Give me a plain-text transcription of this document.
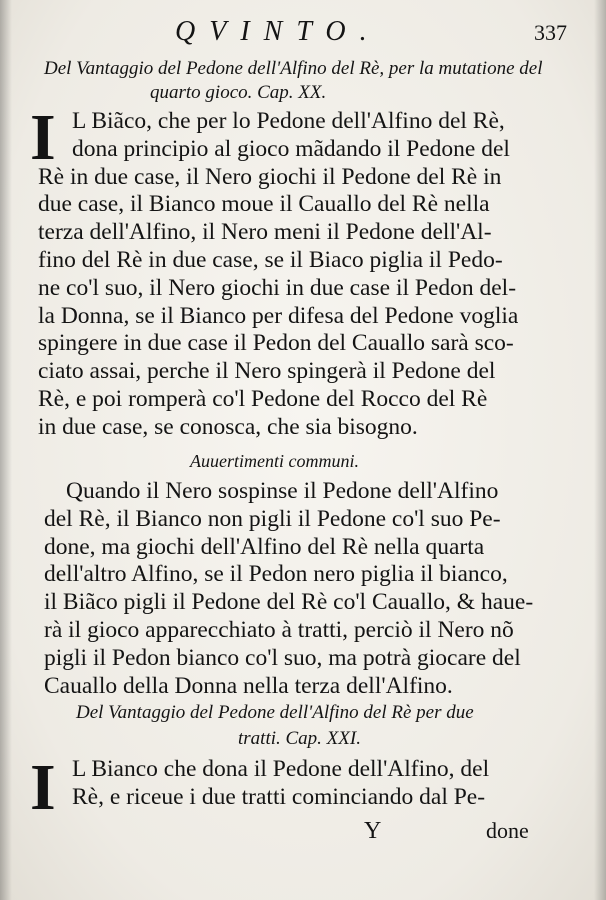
QVINTO.	337
Del Vantaggio del Pedone dell'Alfino del Rè, per la mutatione del
quarto gioco. Cap. XX.
I L Biãco, che per lo Pedone dell'Alfino del Rè,
dona principio al gioco mãdando il Pedone del
Rè in due case, il Nero giochi il Pedone del Rè in
due case, il Bianco moue il Cauallo del Rè nella
terza dell'Alfino, il Nero meni il Pedone dell'Al-
fino del Rè in due case, se il Biaco piglia il Pedo-
ne co'l suo, il Nero giochi in due case il Pedon del-
la Donna, se il Bianco per difesa del Pedone voglia
spingere in due case il Pedon del Cauallo sarà sco-
ciato assai, perche il Nero spingerà il Pedone del
Rè, e poi romperà co'l Pedone del Rocco del Rè
in due case, se conosca, che sia bisogno.
Auuertimenti communi.
Quando il Nero sospinse il Pedone dell'Alfino
del Rè, il Bianco non pigli il Pedone co'l suo Pe-
done, ma giochi dell'Alfino del Rè nella quarta
dell'altro Alfino, se il Pedon nero piglia il bianco,
il Biãco pigli il Pedone del Rè co'l Cauallo, & haue-
rà il gioco apparecchiato à tratti, perciò il Nero nõ
pigli il Pedon bianco co'l suo, ma potrà giocare del
Cauallo della Donna nella terza dell'Alfino.
Del Vantaggio del Pedone dell'Alfino del Rè per due
tratti. Cap. XXI.
I L Bianco che dona il Pedone dell'Alfino, del
Rè, e riceue i due tratti cominciando dal Pe-
Y	done
